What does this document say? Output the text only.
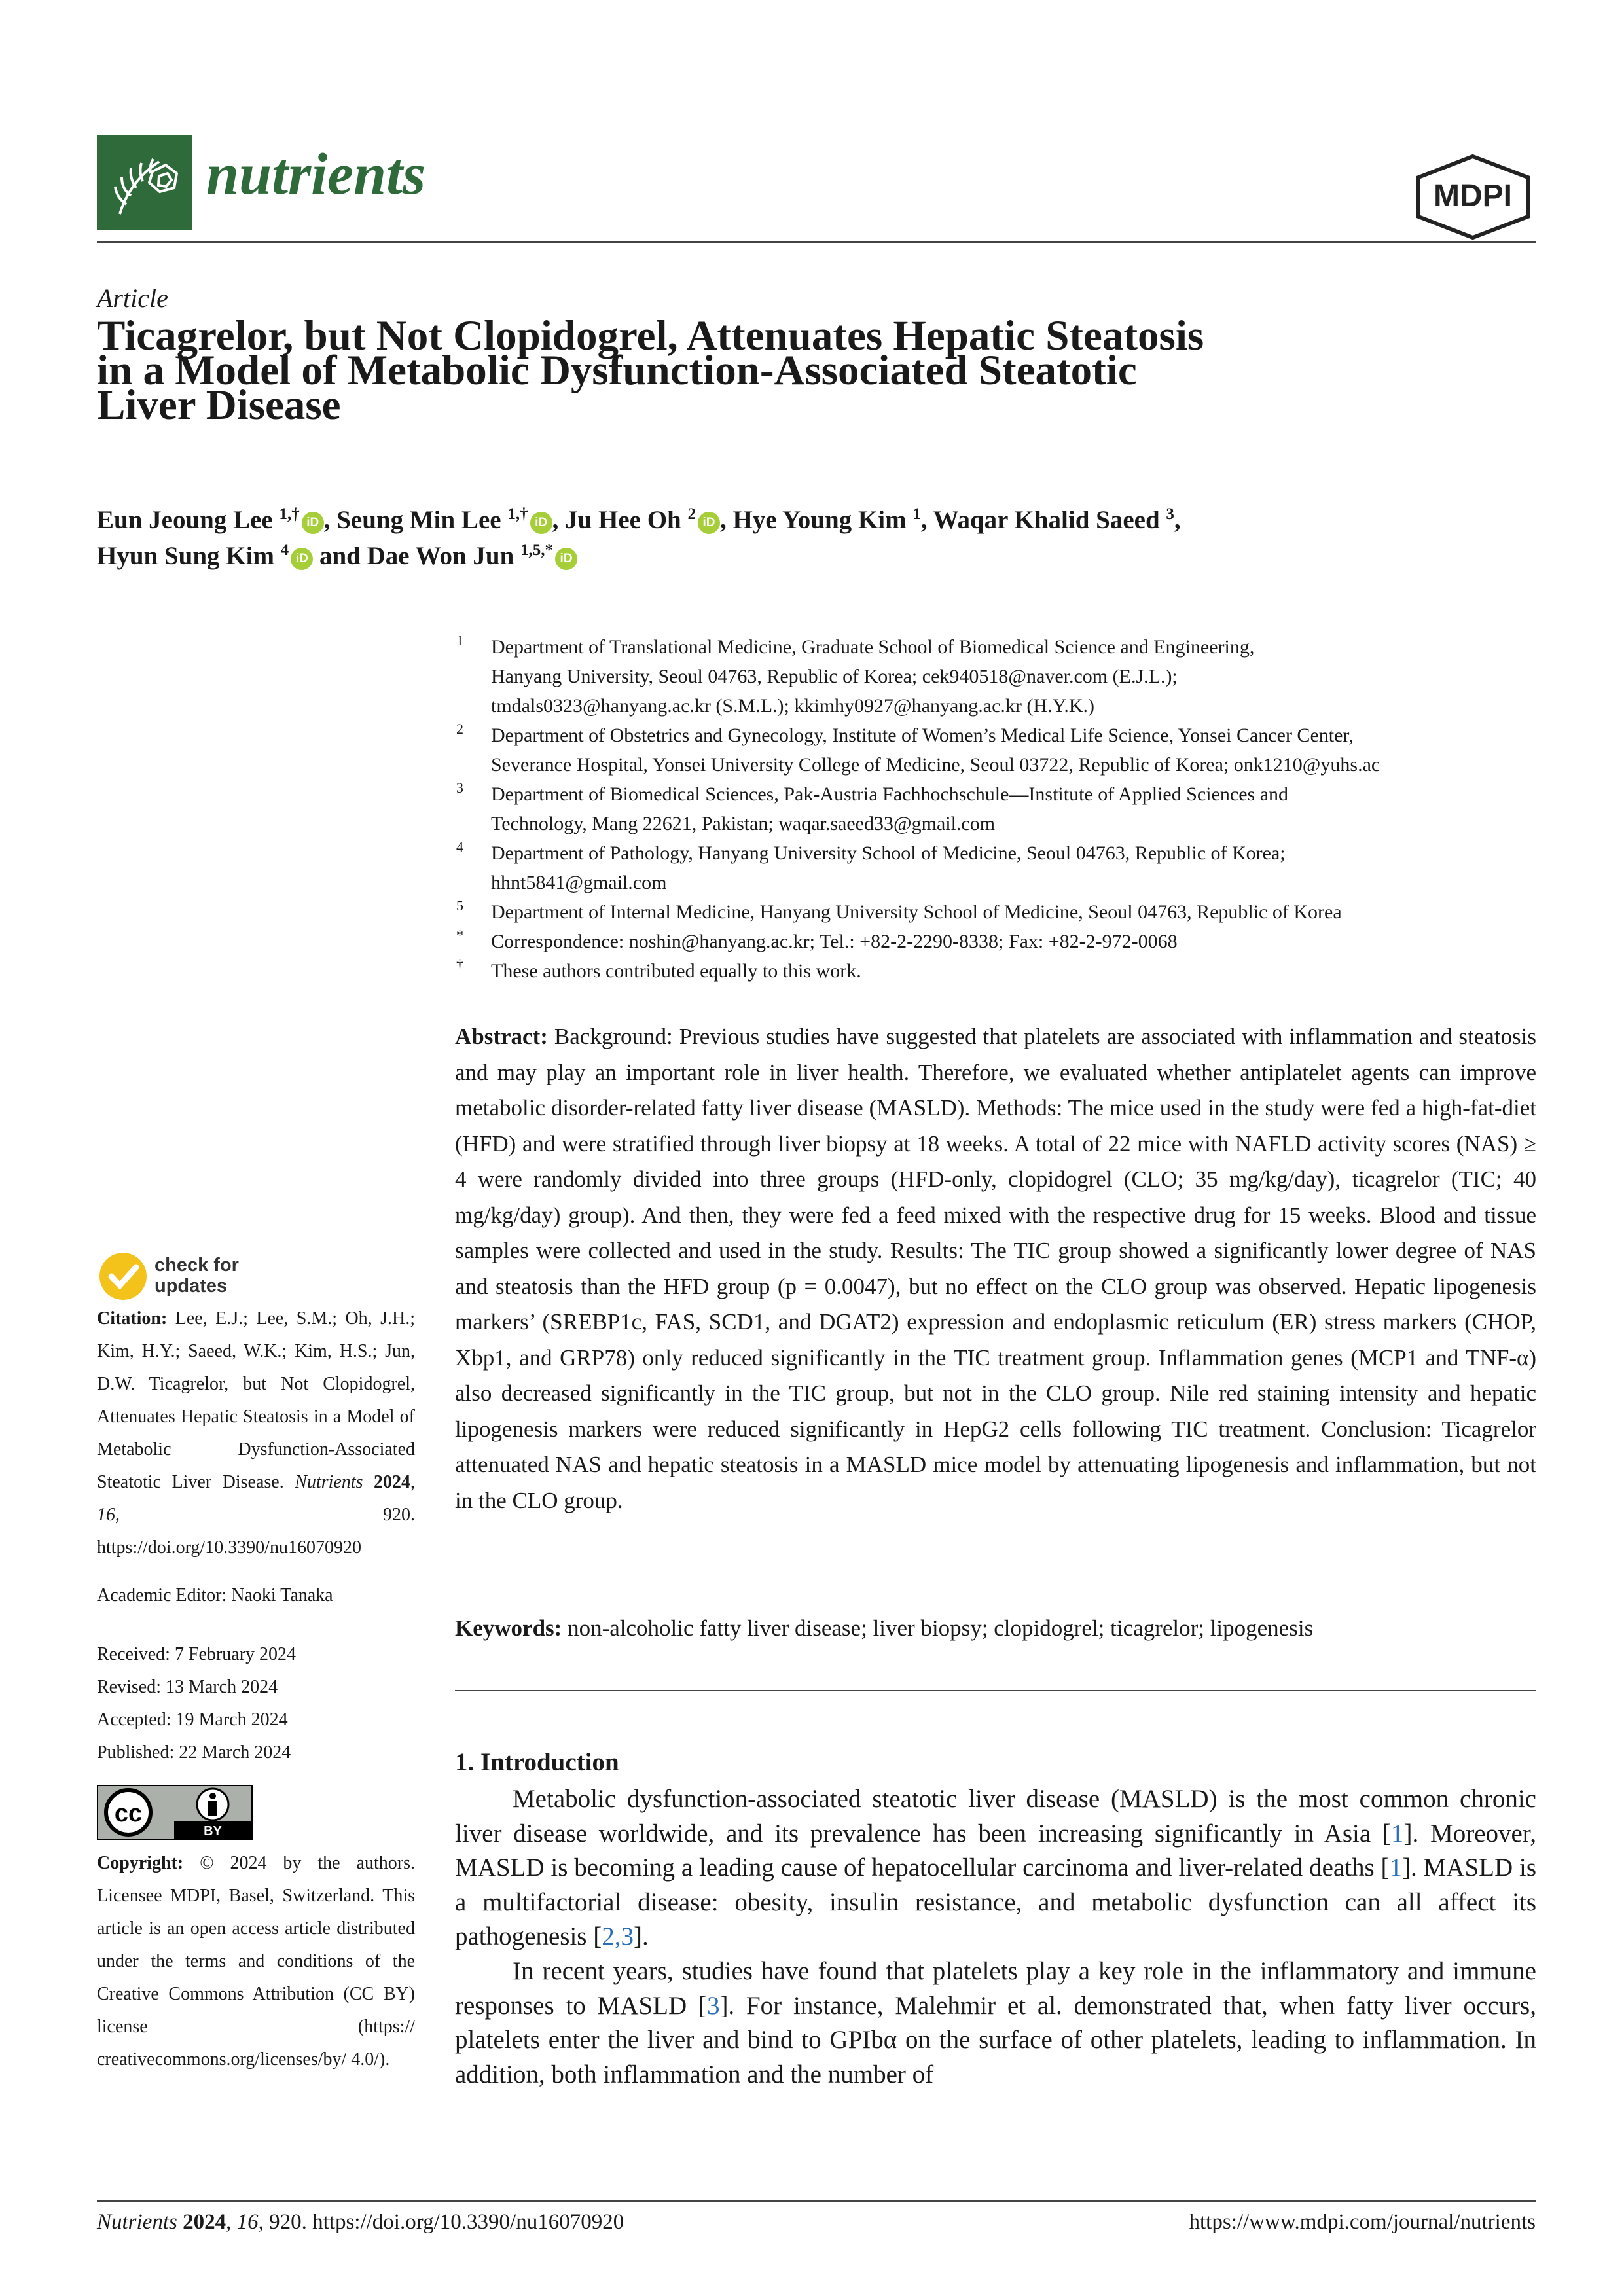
nutrients	MDPI
Article
Ticagrelor, but Not Clopidogrel, Attenuates Hepatic Steatosis
in a Model of Metabolic Dysfunction-Associated Steatotic
Liver Disease
Eun Jeoung Lee $^{1,\dagger}$ iD , Seung Min Lee $^{1,\dagger}$ iD , Ju Hee Oh $^2$ iD , Hye Young Kim $^1$, Waqar Khalid Saeed $^3$,
Hyun Sung Kim $^4$ iD and Dae Won Jun $^{1,5,*}$ iD
1 Department of Translational Medicine, Graduate School of Biomedical Science and Engineering,
Hanyang University, Seoul 04763, Republic of Korea; cek940518@naver.com (E.J.L.);
tmdals0323@hanyang.ac.kr (S.M.L.); kkimhy0927@hanyang.ac.kr (H.Y.K.)
2 Department of Obstetrics and Gynecology, Institute of Women’s Medical Life Science, Yonsei Cancer Center,
Severance Hospital, Yonsei University College of Medicine, Seoul 03722, Republic of Korea; onk1210@yuhs.ac
3 Department of Biomedical Sciences, Pak-Austria Fachhochschule—Institute of Applied Sciences and
Technology, Mang 22621, Pakistan; waqar.saeed33@gmail.com
4 Department of Pathology, Hanyang University School of Medicine, Seoul 04763, Republic of Korea;
hhnt5841@gmail.com
5 Department of Internal Medicine, Hanyang University School of Medicine, Seoul 04763, Republic of Korea
* Correspondence: noshin@hanyang.ac.kr; Tel.: +82-2-2290-8338; Fax: +82-2-972-0068
† These authors contributed equally to this work.
Abstract: Background: Previous studies have suggested that platelets are associated with inflammation and steatosis and may play an important role in liver health. Therefore, we evaluated whether antiplatelet agents can improve metabolic disorder-related fatty liver disease (MASLD). Methods: The mice used in the study were fed a high-fat-diet (HFD) and were stratified through liver biopsy at 18 weeks. A total of 22 mice with NAFLD activity scores (NAS) ≥ 4 were randomly divided into three groups (HFD-only, clopidogrel (CLO; 35 mg/kg/day), ticagrelor (TIC; 40 mg/kg/day) group). And then, they were fed a feed mixed with the respective drug for 15 weeks. Blood and tissue samples were collected and used in the study. Results: The TIC group showed a significantly lower degree of NAS and steatosis than the HFD group (p = 0.0047), but no effect on the CLO group was observed. Hepatic lipogenesis markers’ (SREBP1c, FAS, SCD1, and DGAT2) expression and endoplasmic reticulum (ER) stress markers (CHOP, Xbp1, and GRP78) only reduced significantly in the TIC treatment group. Inflammation genes (MCP1 and TNF-α) also decreased significantly in the TIC group, but not in the CLO group. Nile red staining intensity and hepatic lipogenesis markers were reduced significantly in HepG2 cells following TIC treatment. Conclusion: Ticagrelor attenuated NAS and hepatic steatosis in a MASLD mice model by attenuating lipogenesis and inflammation, but not in the CLO group.
Keywords: non-alcoholic fatty liver disease; liver biopsy; clopidogrel; ticagrelor; lipogenesis
check for
updates
Citation: Lee, E.J.; Lee, S.M.; Oh, J.H.; Kim, H.Y.; Saeed, W.K.; Kim, H.S.; Jun, D.W. Ticagrelor, but Not Clopidogrel, Attenuates Hepatic Steatosis in a Model of Metabolic Dysfunction-Associated Steatotic Liver Disease. Nutrients 2024, 16, 920. https://doi.org/10.3390/nu16070920
Academic Editor: Naoki Tanaka
Received: 7 February 2024
Revised: 13 March 2024
Accepted: 19 March 2024
Published: 22 March 2024
cc
BY
Copyright: © 2024 by the authors. Licensee MDPI, Basel, Switzerland. This article is an open access article distributed under the terms and conditions of the Creative Commons Attribution (CC BY) license (https:// creativecommons.org/licenses/by/ 4.0/).
1. Introduction
Metabolic dysfunction-associated steatotic liver disease (MASLD) is the most common chronic liver disease worldwide, and its prevalence has been increasing significantly in Asia [1]. Moreover, MASLD is becoming a leading cause of hepatocellular carcinoma and liver-related deaths [1]. MASLD is a multifactorial disease: obesity, insulin resistance, and metabolic dysfunction can all affect its pathogenesis [2,3].
In recent years, studies have found that platelets play a key role in the inflammatory and immune responses to MASLD [3]. For instance, Malehmir et al. demonstrated that, when fatty liver occurs, platelets enter the liver and bind to GPIbα on the surface of other platelets, leading to inflammation. In addition, both inflammation and the number of
Nutrients 2024, 16, 920. https://doi.org/10.3390/nu16070920	https://www.mdpi.com/journal/nutrients
